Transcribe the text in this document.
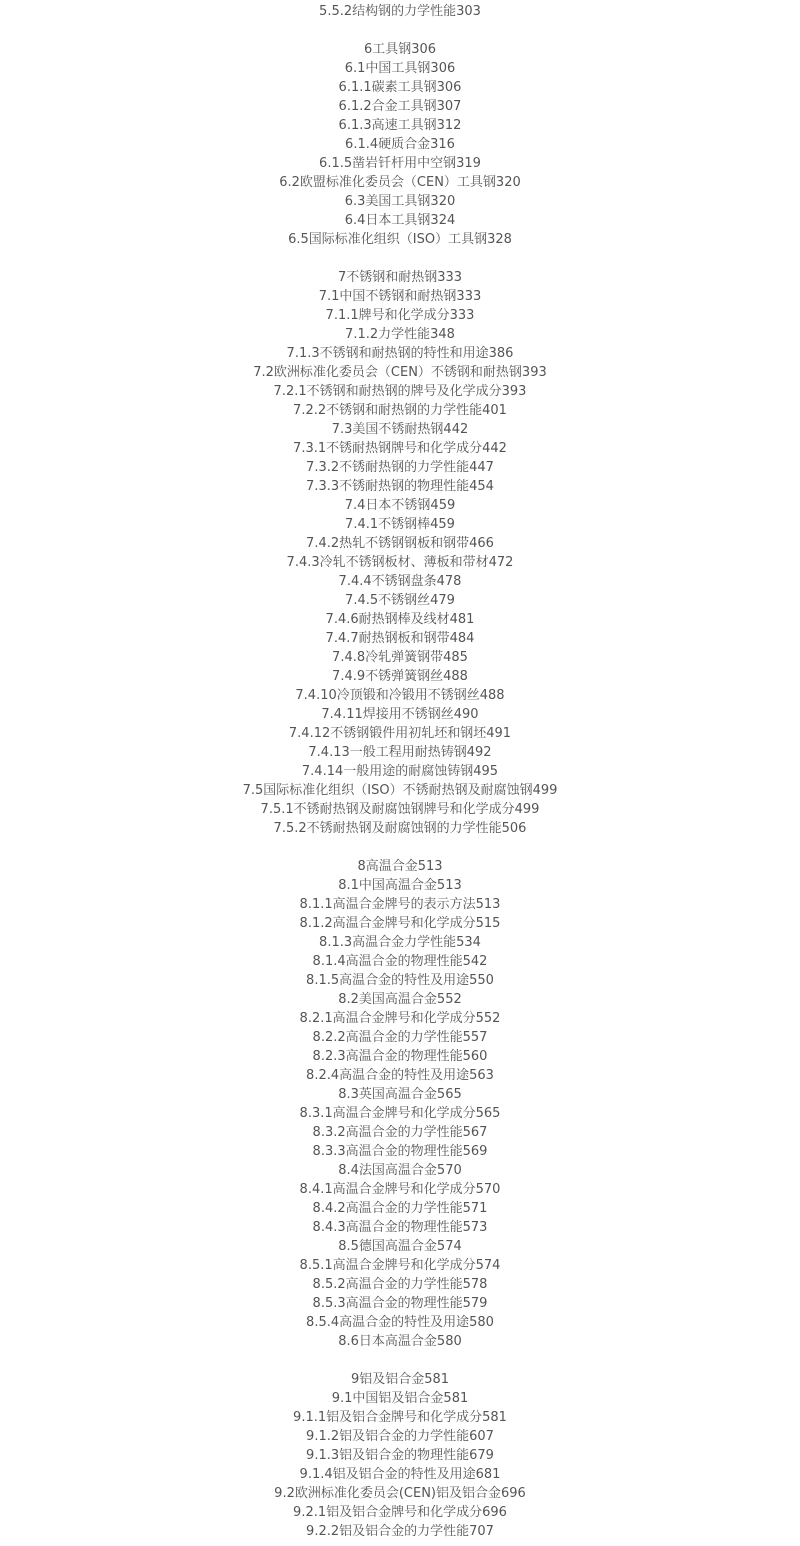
5.5.2结构钢的力学性能303
6工具钢306
6.1中国工具钢306
6.1.1碳素工具钢306
6.1.2合金工具钢307
6.1.3高速工具钢312
6.1.4硬质合金316
6.1.5凿岩钎杆用中空钢319
6.2欧盟标准化委员会（CEN）工具钢320
6.3美国工具钢320
6.4日本工具钢324
6.5国际标准化组织（ISO）工具钢328
7不锈钢和耐热钢333
7.1中国不锈钢和耐热钢333
7.1.1牌号和化学成分333
7.1.2力学性能348
7.1.3不锈钢和耐热钢的特性和用途386
7.2欧洲标准化委员会（CEN）不锈钢和耐热钢393
7.2.1不锈钢和耐热钢的牌号及化学成分393
7.2.2不锈钢和耐热钢的力学性能401
7.3美国不锈耐热钢442
7.3.1不锈耐热钢牌号和化学成分442
7.3.2不锈耐热钢的力学性能447
7.3.3不锈耐热钢的物理性能454
7.4日本不锈钢459
7.4.1不锈钢棒459
7.4.2热轧不锈钢钢板和钢带466
7.4.3冷轧不锈钢板材、薄板和带材472
7.4.4不锈钢盘条478
7.4.5不锈钢丝479
7.4.6耐热钢棒及线材481
7.4.7耐热钢板和钢带484
7.4.8冷轧弹簧钢带485
7.4.9不锈弹簧钢丝488
7.4.10冷顶锻和冷锻用不锈钢丝488
7.4.11焊接用不锈钢丝490
7.4.12不锈钢锻件用初轧坯和钢坯491
7.4.13一般工程用耐热铸钢492
7.4.14一般用途的耐腐蚀铸钢495
7.5国际标准化组织（ISO）不锈耐热钢及耐腐蚀钢499
7.5.1不锈耐热钢及耐腐蚀钢牌号和化学成分499
7.5.2不锈耐热钢及耐腐蚀钢的力学性能506
8高温合金513
8.1中国高温合金513
8.1.1高温合金牌号的表示方法513
8.1.2高温合金牌号和化学成分515
8.1.3高温合金力学性能534
8.1.4高温合金的物理性能542
8.1.5高温合金的特性及用途550
8.2美国高温合金552
8.2.1高温合金牌号和化学成分552
8.2.2高温合金的力学性能557
8.2.3高温合金的物理性能560
8.2.4高温合金的特性及用途563
8.3英国高温合金565
8.3.1高温合金牌号和化学成分565
8.3.2高温合金的力学性能567
8.3.3高温合金的物理性能569
8.4法国高温合金570
8.4.1高温合金牌号和化学成分570
8.4.2高温合金的力学性能571
8.4.3高温合金的物理性能573
8.5德国高温合金574
8.5.1高温合金牌号和化学成分574
8.5.2高温合金的力学性能578
8.5.3高温合金的物理性能579
8.5.4高温合金的特性及用途580
8.6日本高温合金580
9铝及铝合金581
9.1中国铝及铝合金581
9.1.1铝及铝合金牌号和化学成分581
9.1.2铝及铝合金的力学性能607
9.1.3铝及铝合金的物理性能679
9.1.4铝及铝合金的特性及用途681
9.2欧洲标准化委员会(CEN)铝及铝合金696
9.2.1铝及铝合金牌号和化学成分696
9.2.2铝及铝合金的力学性能707
